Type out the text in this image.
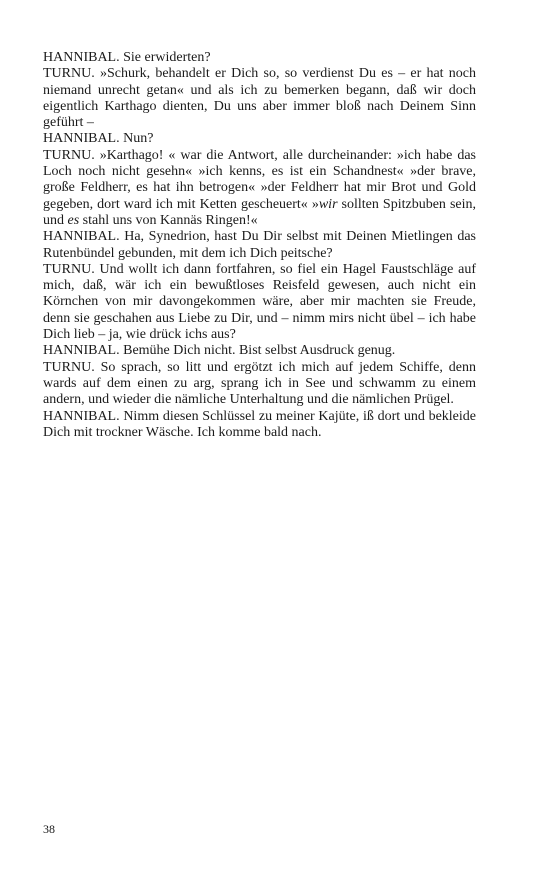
HANNIBAL. Sie erwiderten?

TURNU. »Schurk, behandelt er Dich so, so verdienst Du es – er hat noch niemand unrecht getan« und als ich zu bemerken begann, daß wir doch eigentlich Karthago dienten, Du uns aber immer bloß nach Deinem Sinn geführt –

HANNIBAL. Nun?

TURNU. »Karthago! « war die Antwort, alle durcheinander: »ich habe das Loch noch nicht gesehn« »ich kenns, es ist ein Schandnest« »der brave, große Feldherr, es hat ihn betrogen« »der Feldherr hat mir Brot und Gold gegeben, dort ward ich mit Ketten gescheuert« »wir sollten Spitzbuben sein, und es stahl uns von Kannäs Ringen!«

HANNIBAL. Ha, Synedrion, hast Du Dir selbst mit Deinen Mietlingen das Rutenbündel gebunden, mit dem ich Dich peitsche?

TURNU. Und wollt ich dann fortfahren, so fiel ein Hagel Faustschläge auf mich, daß, wär ich ein bewußtloses Reisfeld gewesen, auch nicht ein Körnchen von mir davongekommen wäre, aber mir machten sie Freude, denn sie geschahen aus Liebe zu Dir, und – nimm mirs nicht übel – ich habe Dich lieb – ja, wie drück ichs aus?

HANNIBAL. Bemühe Dich nicht. Bist selbst Ausdruck genug.

TURNU. So sprach, so litt und ergötzt ich mich auf jedem Schiffe, denn wards auf dem einen zu arg, sprang ich in See und schwamm zu einem andern, und wieder die nämliche Unterhaltung und die nämlichen Prügel.

HANNIBAL. Nimm diesen Schlüssel zu meiner Kajüte, iß dort und bekleide Dich mit trockner Wäsche. Ich komme bald nach.

38
